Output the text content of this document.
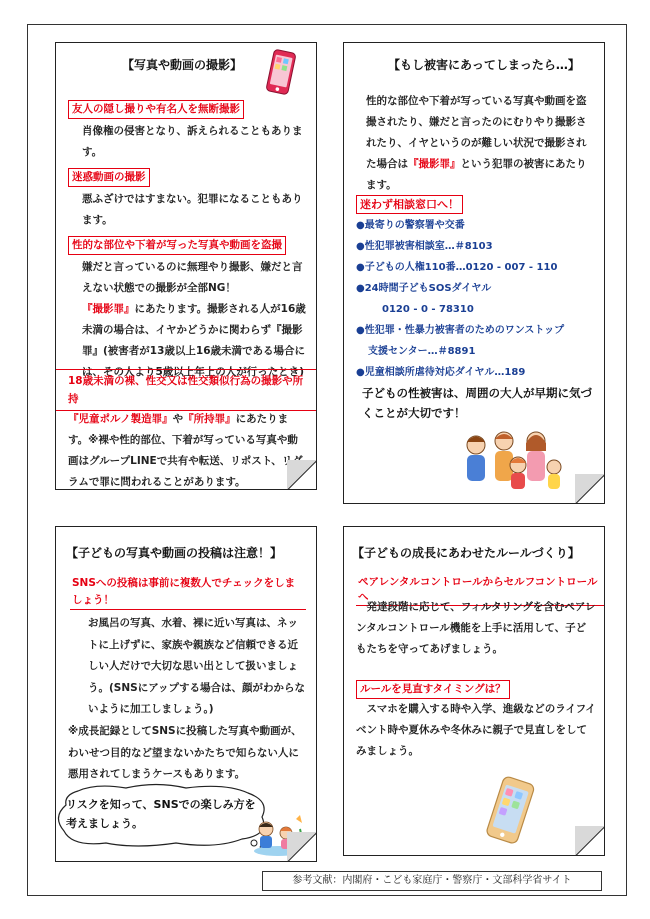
【写真や動画の撮影】
友人の隠し撮りや有名人を無断撮影
肖像権の侵害となり、訴えられることもあります。
迷惑動画の撮影
悪ふざけではすまない。犯罪になることもあります。
性的な部位や下着が写った写真や動画を盗撮
嫌だと言っているのに無理やり撮影、嫌だと言えない状態での撮影が全部NG！
『撮影罪』にあたります。撮影される人が16歳未満の場合は、イヤかどうかに関わらず『撮影罪』(被害者が13歳以上16歳未満である場合には、その人より5歳以上年上の人が行ったとき)
18歳未満の裸、性交又は性交類似行為の撮影や所持
『児童ポルノ製造罪』や『所持罪』にあたります。※裸や性的部位、下着が写っている写真や動画はグループLINEで共有や転送、リポスト、リグラムで罪に問われることがあります。
【もし被害にあってしまったら…】
性的な部位や下着が写っている写真や動画を盗撮されたり、嫌だと言ったのにむりやり撮影されたり、イヤというのが難しい状況で撮影された場合は『撮影罪』という犯罪の被害にあたります。
迷わず相談窓口へ！
●最寄りの警察署や交番
●性犯罪被害相談室…＃8103
●子どもの人権110番…0120 - 007 - 110
●24時間子どもSOSダイヤル
0120 - 0 - 78310
●性犯罪・性暴力被害者のためのワンストップ
支援センター…＃8891
●児童相談所虐待対応ダイヤル…189
子どもの性被害は、周囲の大人が早期に気づくことが大切です！
【子どもの写真や動画の投稿は注意！】
SNSへの投稿は事前に複数人でチェックをしましょう！
お風呂の写真、水着、裸に近い写真は、ネットに上げずに、家族や親族など信頼できる近しい人だけで大切な思い出として扱いましょう。(SNSにアップする場合は、顔がわからないように加工しましょう。)
※成長記録としてSNSに投稿した写真や動画が、わいせつ目的など望まないかたちで知らない人に悪用されてしまうケースもあります。
リスクを知って、SNSでの楽しみ方を考えましょう。
【子どもの成長にあわせたルールづくり】
ペアレンタルコントロールからセルフコントロールへ
発達段階に応じて、フィルタリングを含むペアレンタルコントロール機能を上手に活用して、子どもたちを守ってあげましょう。
ルールを見直すタイミングは？
スマホを購入する時や入学、進級などのライフイベント時や夏休みや冬休みに親子で見直しをしてみましょう。
参考文献：内閣府・こども家庭庁・警察庁・文部科学省サイト
